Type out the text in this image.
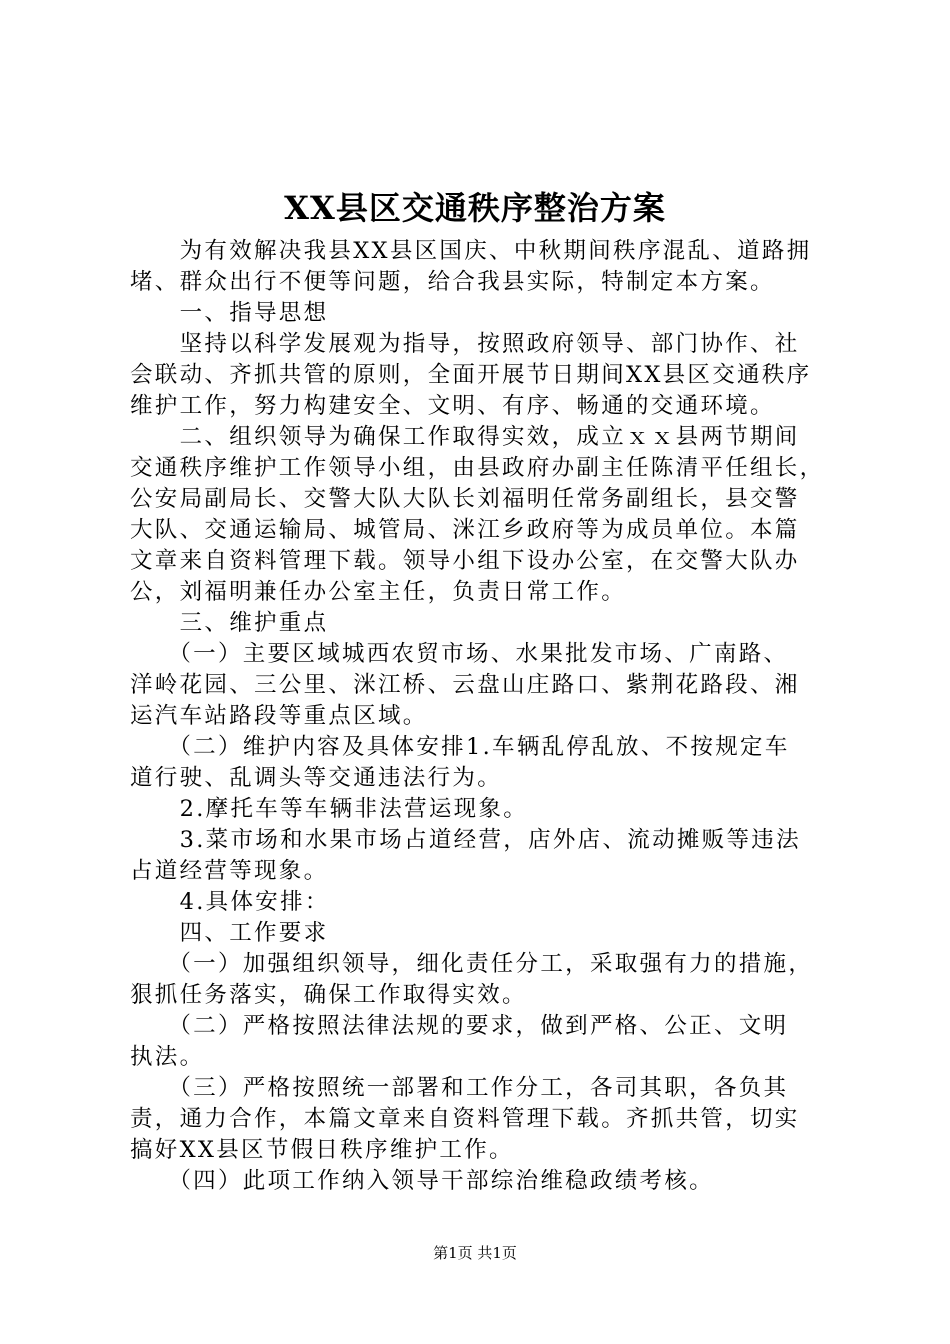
XX县区交通秩序整治方案
　　为有效解决我县XX县区国庆、中秋期间秩序混乱、道路拥
堵、群众出行不便等问题，给合我县实际，特制定本方案。
　　一、指导思想
　　坚持以科学发展观为指导，按照政府领导、部门协作、社
会联动、齐抓共管的原则，全面开展节日期间XX县区交通秩序
维护工作，努力构建安全、文明、有序、畅通的交通环境。
　　二、组织领导为确保工作取得实效，成立ｘｘ县两节期间
交通秩序维护工作领导小组，由县政府办副主任陈清平任组长，
公安局副局长、交警大队大队长刘福明任常务副组长，县交警
大队、交通运输局、城管局、洣江乡政府等为成员单位。本篇
文章来自资料管理下载。领导小组下设办公室，在交警大队办
公，刘福明兼任办公室主任，负责日常工作。
　　三、维护重点
　　（一）主要区域城西农贸市场、水果批发市场、广南路、
洋岭花园、三公里、洣江桥、云盘山庄路口、紫荆花路段、湘
运汽车站路段等重点区域。
　　（二）维护内容及具体安排1.车辆乱停乱放、不按规定车
道行驶、乱调头等交通违法行为。
　　2.摩托车等车辆非法营运现象。
　　3.菜市场和水果市场占道经营，店外店、流动摊贩等违法
占道经营等现象。
　　4.具体安排：
　　四、工作要求
　　（一）加强组织领导，细化责任分工，采取强有力的措施，
狠抓任务落实，确保工作取得实效。
　　（二）严格按照法律法规的要求，做到严格、公正、文明
执法。
　　（三）严格按照统一部署和工作分工，各司其职，各负其
责，通力合作，本篇文章来自资料管理下载。齐抓共管，切实
搞好XX县区节假日秩序维护工作。
　　（四）此项工作纳入领导干部综治维稳政绩考核。
第1页 共1页
